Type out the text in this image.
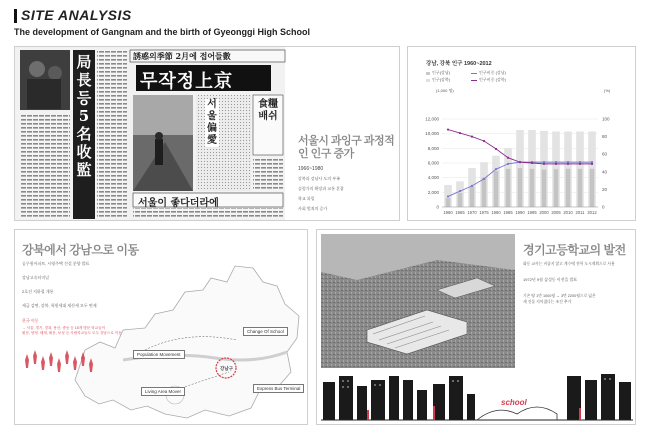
SITE ANALYSIS
The development of Gangnam and the birth of Gyeonggi High School
誘惑의季節 2月에 접어들數
무작정上京
局長등5名收監
食糧배쉬
서울偏愛
서울이 좋다더라에
서울시 과잉구 과정적인 인구 증가
1966~1980
강북과 강남사 도의 부족
슬럼가의 확장과 교통 혼잡
학교 과밀
사회 범죄의 증가
강남, 강북 인구 1960~2012
인구(강남)
인구(강북)
인구비중 (강남)
인구비중 (강북)
(1,000 명)	(%)
0
2,000
4,000
6,000
8,000
10,000
12,000
0
20
40
60
80
100
1960 1965 1970 1975 1980 1985 1990 1995 2000 2005 2010 2011 2012
강북에서 강남으로 이동
공무원아파트, 시영주택 건설 분양 발표
강남고속터미널
2호선 지하철 개통
세금 감면, 강북, 학원세대 재산세 모두 면제
한국 이동
→ 서울, 경기, 경복, 용산, 중동 등 15개 명문 학교들이
휘문, 양정, 배재, 휘문, 보성 등 사립학교들도 모두 강남으로 이동	Change Of School
Population Movement
강남구
Living Area Mover
Express Bus Terminal
school
경기고등학교의 발전
화동 교사는 비좁지 않고 계수에 전학 도시계획으로 사용
1972년 9월 삼성동 이전을 발표
기존 땅 1만 1000평 → 3만 2200평으로 넓은
새 건물 지어졌다는 조건 추가
